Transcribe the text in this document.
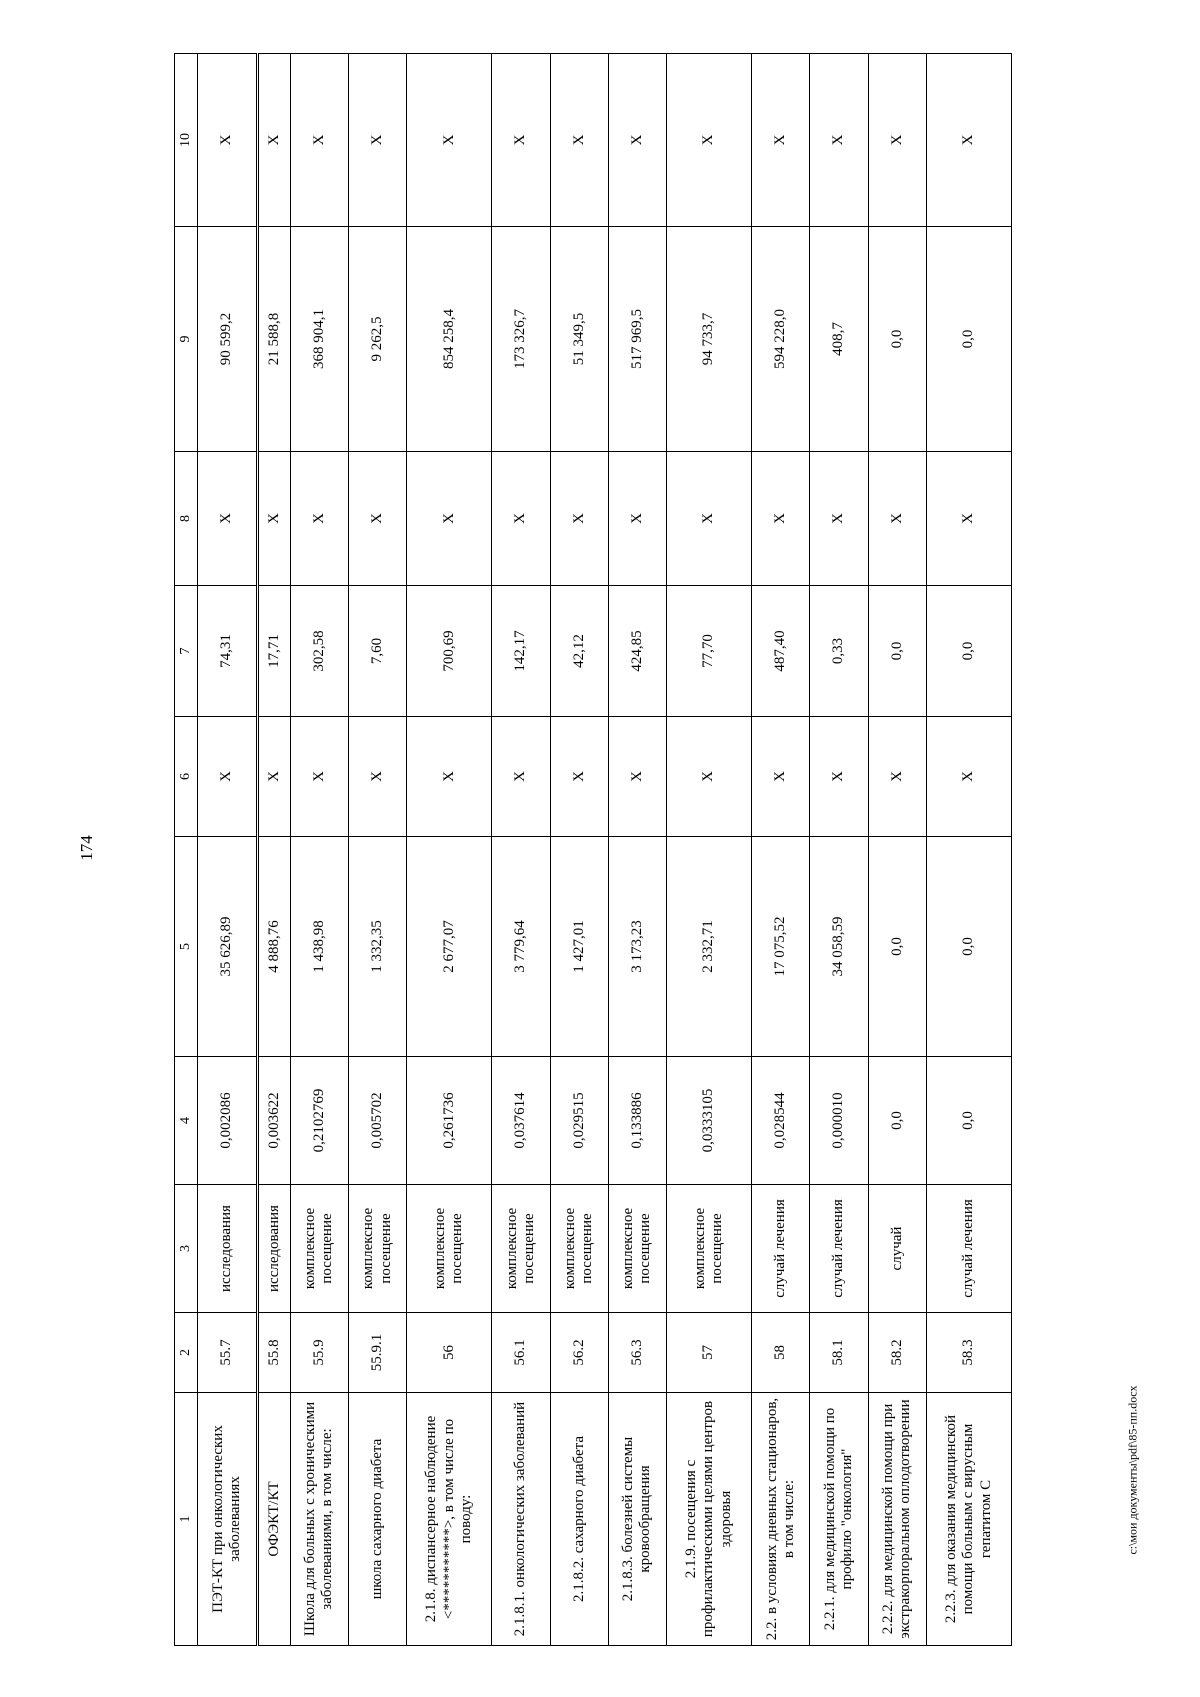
174
1	2	3	4	5	6	7	8	9	10
ПЭТ-КТ при онкологических заболеваниях	55.7	исследования	0,002086	35 626,89	X	74,31	X	90 599,2	X
ОФЭКТ/КТ	55.8	исследования	0,003622	4 888,76	X	17,71	X	21 588,8	X
Школа для больных с хроническими заболеваниями, в том числе:	55.9	комплексное посещение	0,2102769	1 438,98	X	302,58	X	368 904,1	X
школа сахарного диабета	55.9.1	комплексное посещение	0,005702	1 332,35	X	7,60	X	9 262,5	X
2.1.8. диспансерное наблюдение <***********>, в том числе по поводу:	56	комплексное посещение	0,261736	2 677,07	X	700,69	X	854 258,4	X
2.1.8.1. онкологических заболеваний	56.1	комплексное посещение	0,037614	3 779,64	X	142,17	X	173 326,7	X
2.1.8.2. сахарного диабета	56.2	комплексное посещение	0,029515	1 427,01	X	42,12	X	51 349,5	X
2.1.8.3. болезней системы кровообращения	56.3	комплексное посещение	0,133886	3 173,23	X	424,85	X	517 969,5	X
2.1.9. посещения с профилактическими целями центров здоровья	57	комплексное посещение	0,0333105	2 332,71	X	77,70	X	94 733,7	X
2.2. в условиях дневных стационаров, в том числе:	58	случай лечения	0,028544	17 075,52	X	487,40	X	594 228,0	X
2.2.1. для медицинской помощи по профилю "онкология"	58.1	случай лечения	0,000010	34 058,59	X	0,33	X	408,7	X
2.2.2. для медицинской помощи при экстракорпоральном оплодотворении	58.2	случай	0,0	0,0	X	0,0	X	0,0	X
2.2.3. для оказания медицинской помощи больным с вирусным гепатитом С	58.3	случай лечения	0,0	0,0	X	0,0	X	0,0	X
c:\мои документы\pdf\85-пп.docx
